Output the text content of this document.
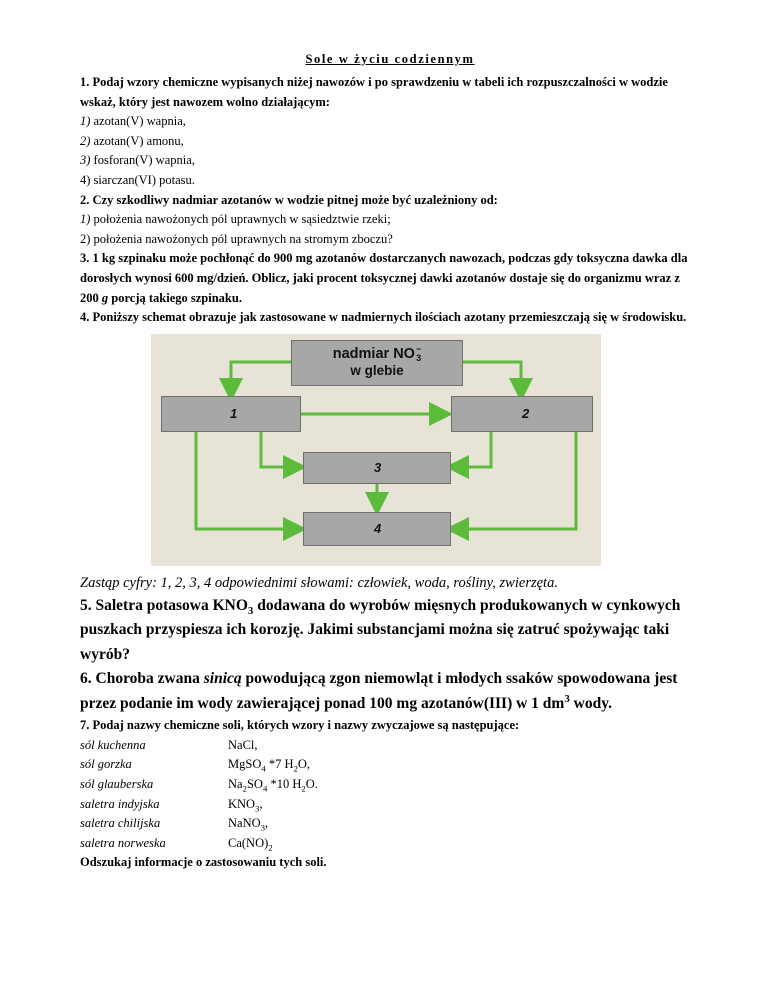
Sole w życiu codziennym
1. Podaj wzory chemiczne wypisanych niżej nawozów i po sprawdzeniu w tabeli ich rozpuszczalności w wodzie wskaż, który jest nawozem wolno działającym:
1) azotan(V) wapnia,
2) azotan(V) amonu,
3) fosforan(V) wapnia,
4) siarczan(VI) potasu.
2. Czy szkodliwy nadmiar azotanów w wodzie pitnej może być uzależniony od:
1) położenia nawożonych pól uprawnych w sąsiedztwie rzeki;
2) położenia nawożonych pól uprawnych na stromym zboczu?
3. 1 kg szpinaku może pochłonąć do 900 mg azotanów dostarczanych nawozach, podczas gdy toksyczna dawka dla dorosłych wynosi 600 mg/dzień. Oblicz, jaki procent toksycznej dawki azotanów dostaje się do organizmu wraz z 200 g porcją takiego szpinaku.
4. Poniższy schemat obrazuje jak zastosowane w nadmiernych ilościach azotany przemieszczają się w środowisku.
nadmiar NO −
3
w glebie
1	2
3
4
Zastąp cyfry: 1, 2, 3, 4 odpowiednimi słowami: człowiek, woda, rośliny, zwierzęta.
5. Saletra potasowa $KNO_3$ dodawana do wyrobów mięsnych produkowanych w cynkowych puszkach przyspiesza ich korozję. Jakimi substancjami można się zatruć spożywając taki wyrób?
6. Choroba zwana sinicą powodującą zgon niemowląt i młodych ssaków spowodowana jest przez podanie im wody zawierającej ponad 100 mg azotanów(III) w 1 $dm^3$ wody.
7. Podaj nazwy chemiczne soli, których wzory i nazwy zwyczajowe są następujące:
sól kuchenna	NaCl,
sól gorzka	MgSO$_4$ *7 $H_2O$,
sól glauberska	$Na_2SO_4$ *10 $H_2O$.
saletra indyjska	$KNO_3$,
saletra chilijska	NaNO$_3$,
saletra norweska	$Ca(NO)_2$
Odszukaj informacje o zastosowaniu tych soli.
